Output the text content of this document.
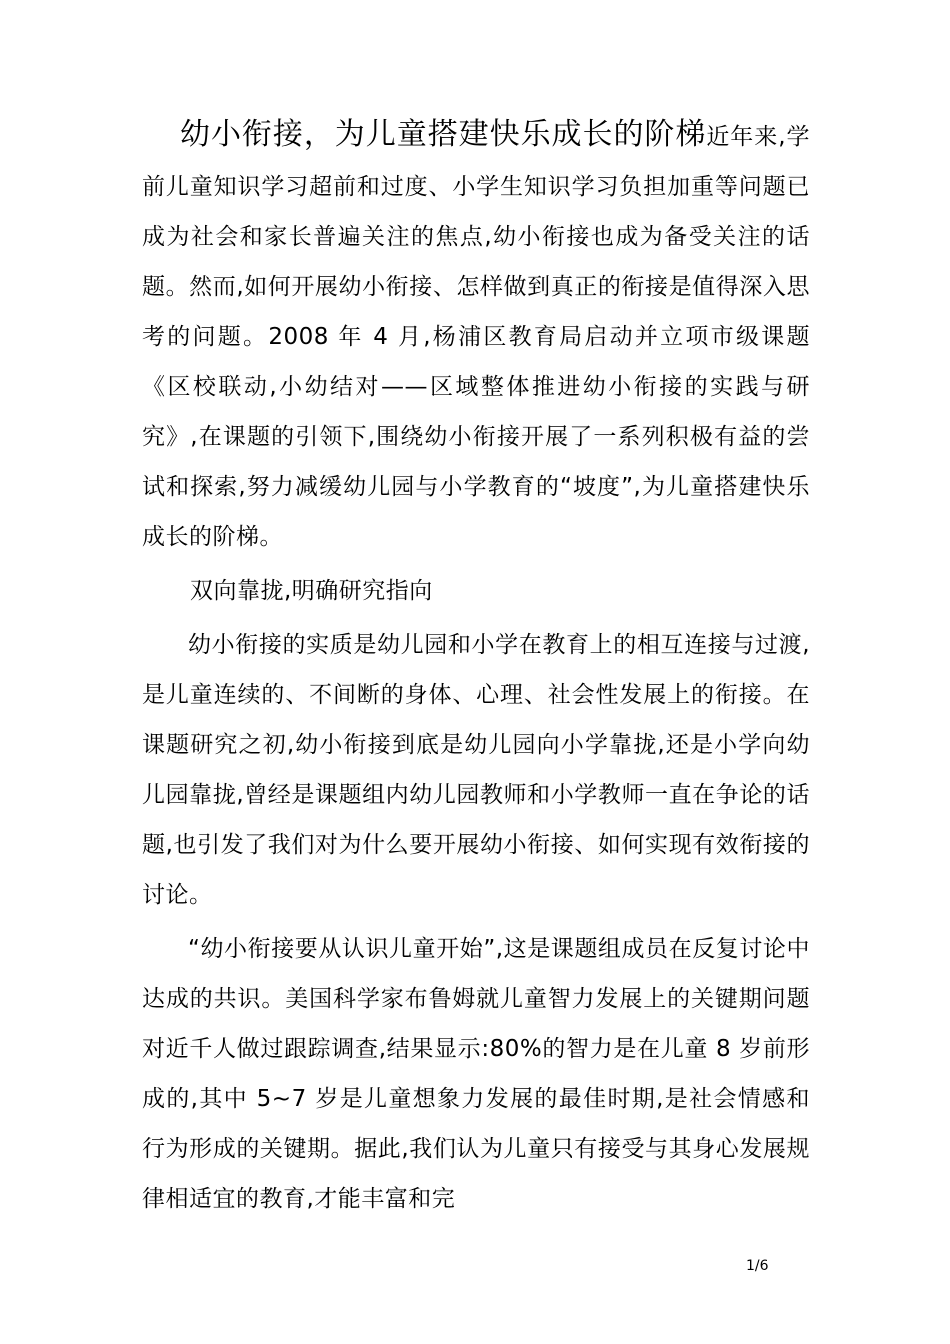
幼小衔接，为儿童搭建快乐成长的阶梯近年来,学前儿童知识学习超前和过度、小学生知识学习负担加重等问题已成为社会和家长普遍关注的焦点,幼小衔接也成为备受关注的话题。然而,如何开展幼小衔接、怎样做到真正的衔接是值得深入思考的问题。2008 年 4 月,杨浦区教育局启动并立项市级课题《区校联动,小幼结对——区域整体推进幼小衔接的实践与研究》,在课题的引领下,围绕幼小衔接开展了一系列积极有益的尝试和探索,努力减缓幼儿园与小学教育的“坡度”,为儿童搭建快乐成长的阶梯。

双向靠拢,明确研究指向

幼小衔接的实质是幼儿园和小学在教育上的相互连接与过渡,是儿童连续的、不间断的身体、心理、社会性发展上的衔接。在课题研究之初,幼小衔接到底是幼儿园向小学靠拢,还是小学向幼儿园靠拢,曾经是课题组内幼儿园教师和小学教师一直在争论的话题,也引发了我们对为什么要开展幼小衔接、如何实现有效衔接的讨论。

“幼小衔接要从认识儿童开始”,这是课题组成员在反复讨论中达成的共识。美国科学家布鲁姆就儿童智力发展上的关键期问题对近千人做过跟踪调查,结果显示:80%的智力是在儿童 8 岁前形成的,其中 5~7 岁是儿童想象力发展的最佳时期,是社会情感和行为形成的关键期。据此,我们认为儿童只有接受与其身心发展规律相适宜的教育,才能丰富和完

1/6
